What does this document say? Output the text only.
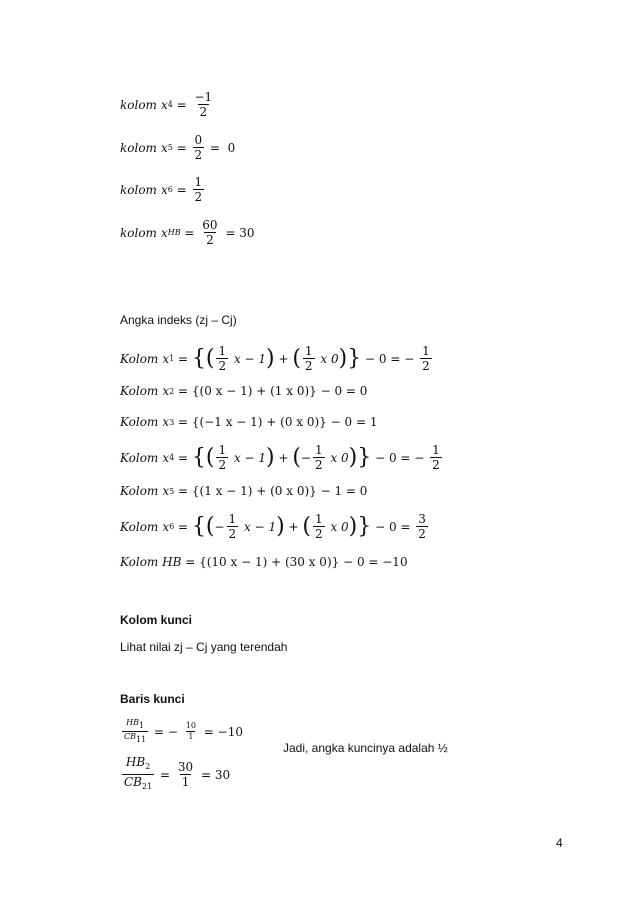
kolom x $4 = \frac{-1}{2}$
kolom x $5 = \frac{0}{2} = 0$
kolom x $6 = \frac{1}{2}$
kolom x HB = $\frac{60}{2} = 30$
Angka indeks (zj – Cj)
Kolom x 1 = { ( $\frac{1}{2}$
x − 1 ) + ( $\frac{1}{2}$
x 0 ) }
− 0 = −
$\frac{1}{2}$
Kolom x 2
= {(0 x − 1) + (1 x 0)} − 0 = 0
Kolom x 3
= {(−1 x − 1) + (0 x 0)} − 0 = 1
Kolom x 4 = { ( $\frac{1}{2}$
x − 1 ) + ( − $\frac{1}{2}$
x 0 ) }
− 0 = −
$\frac{1}{2}$
Kolom x 5
= {(1 x − 1) + (0 x 0)} − 1 = 0
Kolom x 6 = { ( − $\frac{1}{2}$
x − 1 ) + ( $\frac{1}{2}$
x 0 ) }
− 0 =
$\frac{3}{2}$
Kolom HB
= {(10 x − 1) + (30 x 0)} − 0 = −10
Kolom kunci
Lihat nilai zj – Cj yang terendah
Baris kunci
$\frac{HB_1}{CB_{11}}$
= −
$\frac{10}{1}$
= −10
$\frac{HB_2}{CB_{21}}$
=
$\frac{30}{1}$
= 30
Jadi, angka kuncinya adalah ½
4
